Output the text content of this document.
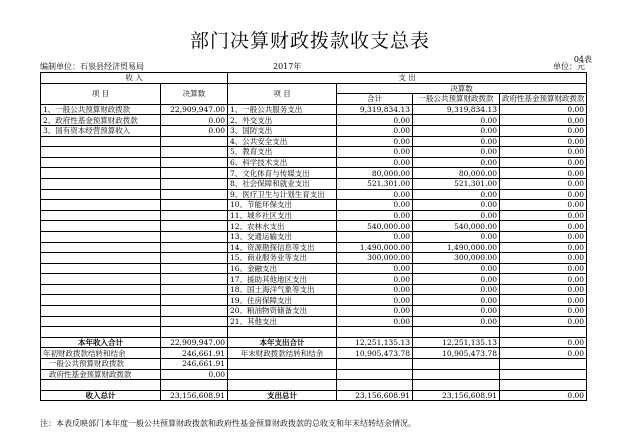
部门决算财政拨款收支总表
04表
编制单位：石泉县经济贸易局	2017年	单位：元
收 入		支 出			
项 目	决算数	项 目	决算数		
			合计	一般公共预算财政拨款	政府性基金预算财政拨款
1、一般公共预算财政拨款	22,909,947.00	1、一般公共服务支出	9,319,834.13	9,319,834.13	0.00
2、政府性基金预算财政拨款	0.00	2、外交支出	0.00	0.00	0.00
3、国有资本经营预算收入	0.00	3、国防支出	0.00	0.00	0.00
		4、公共安全支出	0.00	0.00	0.00
		5、教育支出	0.00	0.00	0.00
		6、科学技术支出	0.00	0.00	0.00
		7、文化体育与传媒支出	80,000.00	80,000.00	0.00
		8、社会保障和就业支出	521,301.00	521,301.00	0.00
		9、医疗卫生与计划生育支出	0.00	0.00	0.00
		10、节能环保支出	0.00	0.00	0.00
		11、城乡社区支出	0.00	0.00	0.00
		12、农林水支出	540,000.00	540,000.00	0.00
		13、交通运输支出	0.00	0.00	0.00
		14、资源勘探信息等支出	1,490,000.00	1,490,000.00	0.00
		15、商业服务业等支出	300,000.00	300,000.00	0.00
		16、金融支出	0.00	0.00	0.00
		17、援助其他地区支出	0.00	0.00	0.00
		18、国土海洋气象等支出	0.00	0.00	0.00
		19、住房保障支出	0.00	0.00	0.00
		20、粮油物资储备支出	0.00	0.00	0.00
		21、其他支出	0.00	0.00	0.00

本年收入合计	22,909,947.00	本年支出合计	12,251,135.13	12,251,135.13	0.00
年初财政拨款结转和结余	246,661.91	年末财政拨款结转和结余	10,905,473.78	10,905,473.78	0.00
一般公共预算财政拨款	246,661.91				
政府性基金预算财政拨款	0.00				

收入总计	23,156,608.91	支出总计	23,156,608.91	23,156,608.91	0.00
注：本表反映部门本年度一般公共预算财政拨款和政府性基金预算财政拨款的总收支和年末结转结余情况。
